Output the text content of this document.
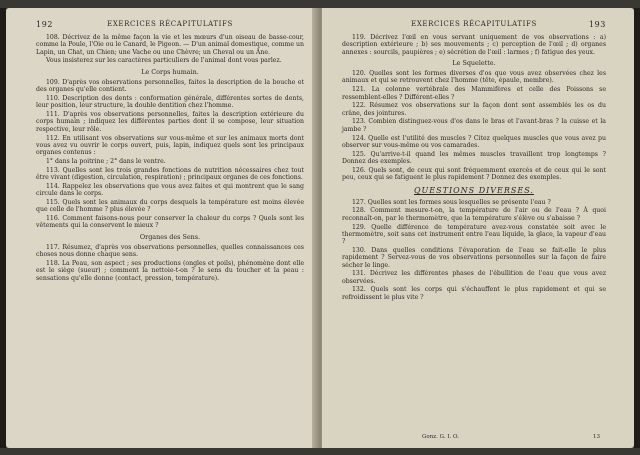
192	EXERCICES RÉCAPITULATIFS

108. Décrivez de la même façon la vie et les mœurs d'un oiseau de basse-cour, comme la Poule, l'Oie ou le Canard, le Pigeon. — D'un animal domestique, comme un Lapin, un Chat, un Chien; une Vache ou une Chèvre; un Cheval ou un Âne.

Vous insisterez sur les caractères particuliers de l'animal dont vous parlez.

Le Corps humain.

109. D'après vos observations personnelles, faites la description de la bouche et des organes qu'elle contient.

110. Description des dents : conformation générale, différentes sortes de dents, leur position, leur structure, la double dentition chez l'homme.

111. D'après vos observations personnelles, faites la description extérieure du corps humain ; indiquez les différentes parties dont il se compose, leur situation respective, leur rôle.

112. En utilisant vos observations sur vous-même et sur les animaux morts dont vous avez vu ouvrir le corps ouvert, puis, lapin, indiquez quels sont les principaux organes contenus :

1° dans la poitrine ; 2° dans le ventre.

113. Quelles sont les trois grandes fonctions de nutrition nécessaires chez tout être vivant (digestion, circulation, respiration) ; principaux organes de ces fonctions.

114. Rappelez les observations que vous avez faites et qui montrent que le sang circule dans le corps.

115. Quels sont les animaux du corps desquels la température est moins élevée que celle de l'homme ? plus élevée ?

116. Comment faisons-nous pour conserver la chaleur du corps ? Quels sont les vêtements qui la conservent le mieux ?

Organes des Sens.

117. Résumez, d'après vos observations personnelles, quelles connaissances ces choses nous donne chaque sens.

118. La Peau, son aspect ; ses productions (ongles et poils), phénomène dont elle est le siège (sueur) ; comment la nettoie-t-on ? le sens du toucher et la peau : sensations qu'elle donne (contact, pression, température).

EXERCICES RÉCAPITULATIFS	193

119. Décrivez l'œil en vous servant uniquement de vos observations : a) description extérieure ; b) ses mouvements ; c) perception de l'œil ; d) organes annexes : sourcils, paupières ; e) sécrétion de l'œil : larmes ; f) fatigue des yeux.

Le Squelette.

120. Quelles sont les formes diverses d'os que vous avez observées chez les animaux et qui se retrouvent chez l'homme (tête, épaule, membre).

121. La colonne vertébrale des Mammifères et celle des Poissons se ressemblent-elles ? Différent-elles ?

122. Résumez vos observations sur la façon dont sont assemblés les os du crâne, des jointures.

123. Combien distinguez-vous d'os dans le bras et l'avant-bras ? la cuisse et la jambe ?

124. Quelle est l'utilité des muscles ? Citez quelques muscles que vous avez pu observer sur vous-même ou vos camarades.

125. Qu'arrive-t-il quand les mêmes muscles travaillent trop longtemps ? Donnez des exemples.

126. Quels sont, de ceux qui sont fréquemment exercés et de ceux qui le sont peu, ceux qui se fatiguent le plus rapidement ? Donnez des exemples.

QUESTIONS DIVERSES.

127. Quelles sont les formes sous lesquelles se présente l'eau ?

128. Comment mesure-t-on, la température de l'air ou de l'eau ? À quoi reconnaît-on, par le thermomètre, que la température s'élève ou s'abaisse ?

129. Quelle différence de température avez-vous constatée soit avec le thermomètre, soit sans cet instrument entre l'eau liquide, la glace, la vapeur d'eau ?

130. Dans quelles conditions l'évaporation de l'eau se fait-elle le plus rapidement ? Servez-vous de vos observations personnelles sur la façon de faire sécher le linge.

131. Décrivez les différentes phases de l'ébullition de l'eau que vous avez observées.

132. Quels sont les corps qui s'échauffent le plus rapidement et qui se refroidissent le plus vite ?

Gonz. G. I. O.	13
